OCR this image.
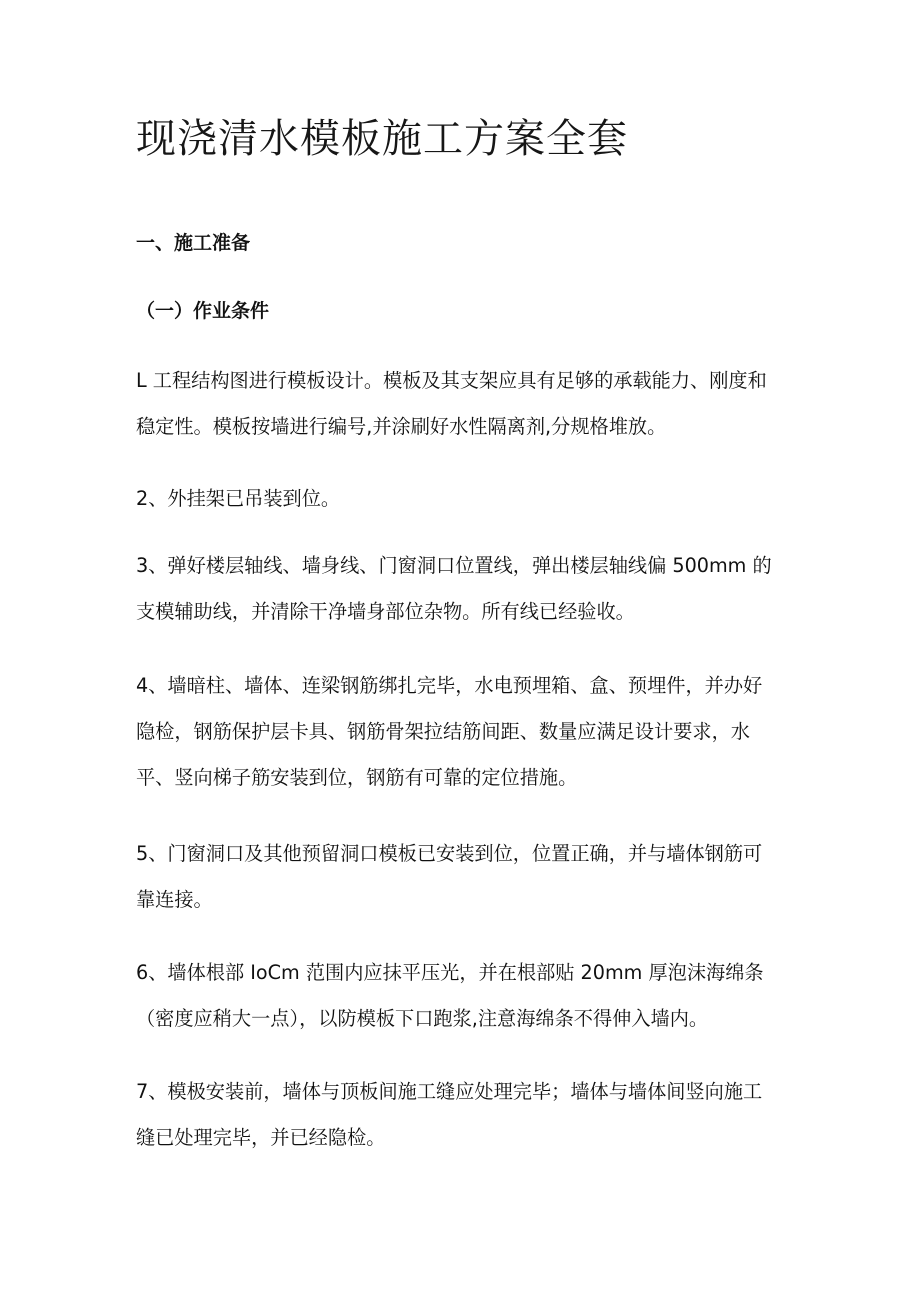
现浇清水模板施工方案全套
一、施工准备
（一）作业条件
L 工程结构图进行模板设计。模板及其支架应具有足够的承载能力、刚度和
稳定性。模板按墙进行编号,并涂刷好水性隔离剂,分规格堆放。
2、外挂架已吊装到位。
3、弹好楼层轴线、墙身线、门窗洞口位置线，弹出楼层轴线偏 500mm 的
支模辅助线，并清除干净墙身部位杂物。所有线已经验收。
4、墙暗柱、墙体、连梁钢筋绑扎完毕，水电预埋箱、盒、预埋件，并办好
隐检，钢筋保护层卡具、钢筋骨架拉结筋间距、数量应满足设计要求，水
平、竖向梯子筋安装到位，钢筋有可靠的定位措施。
5、门窗洞口及其他预留洞口模板已安装到位，位置正确，并与墙体钢筋可
靠连接。
6、墙体根部 IoCm 范围内应抹平压光，并在根部贴 20mm 厚泡沫海绵条
（密度应稍大一点），以防模板下口跑浆,注意海绵条不得伸入墙内。
7、模极安装前，墙体与顶板间施工缝应处理完毕；墙体与墙体间竖向施工
缝已处理完毕，并已经隐检。
